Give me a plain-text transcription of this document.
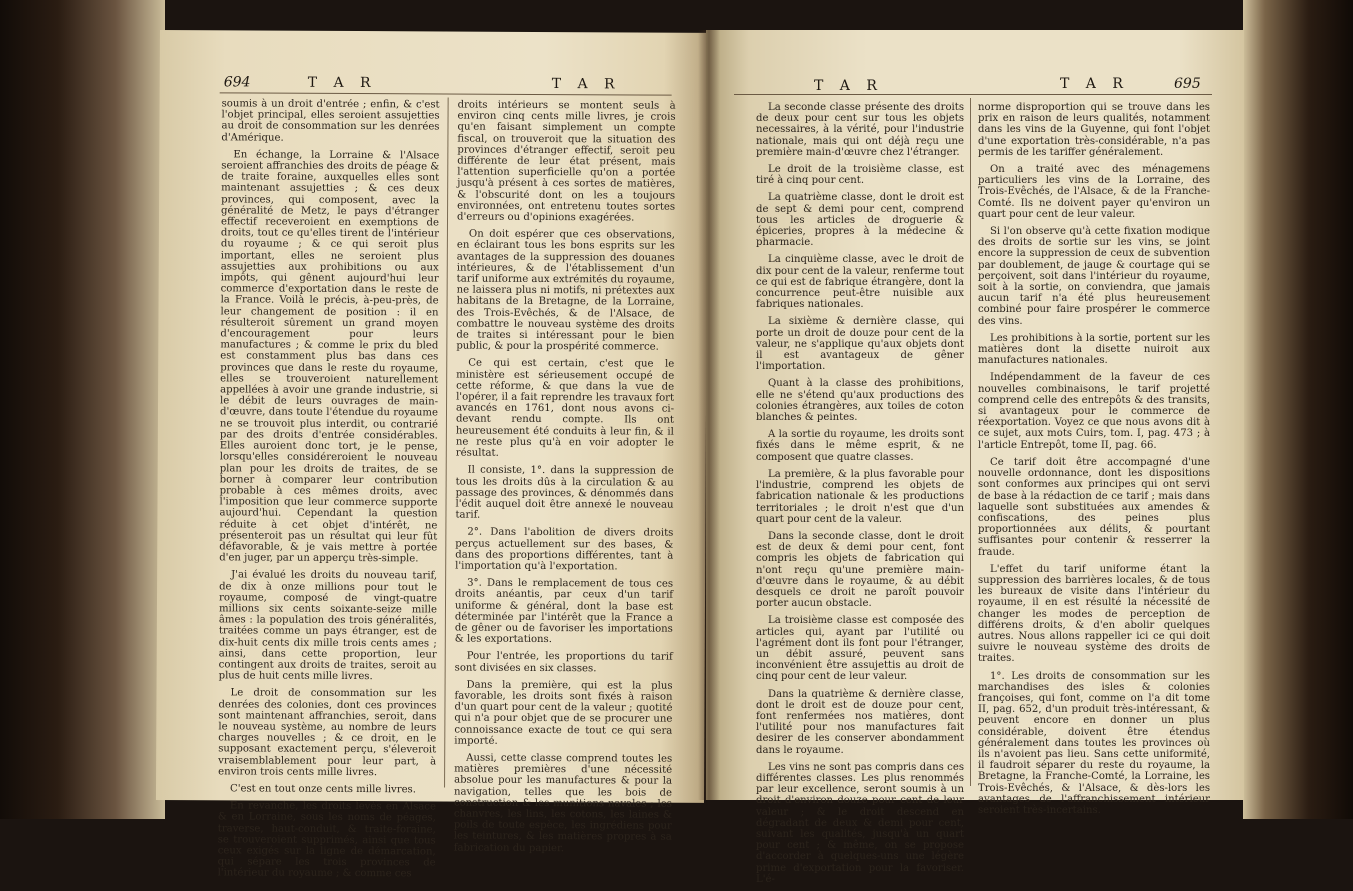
694	T A R	T A R

soumis à un droit d'entrée ; enfin, & c'est l'objet principal, elles seroient assujetties au droit de consommation sur les denrées d'Amérique.

En échange, la Lorraine & l'Alsace seroient affranchies des droits de péage & de traite foraine, auxquelles elles sont maintenant assujetties ; & ces deux provinces, qui composent, avec la généralité de Metz, le pays d'étranger effectif receveroient en exemptions de droits, tout ce qu'elles tirent de l'intérieur du royaume ; & ce qui seroit plus important, elles ne seroient plus assujetties aux prohibitions ou aux impôts, qui gênent aujourd'hui leur commerce d'exportation dans le reste de la France. Voilà le précis, à-peu-près, de leur changement de position : il en résulteroit sûrement un grand moyen d'encouragement pour leurs manufactures ; & comme le prix du bled est constamment plus bas dans ces provinces que dans le reste du royaume, elles se trouveroient naturellement appellées à avoir une grande industrie, si le débit de leurs ouvrages de main-d'œuvre, dans toute l'étendue du royaume ne se trouvoit plus interdit, ou contrarié par des droits d'entrée considérables. Elles auroient donc tort, je le pense, lorsqu'elles considéreroient le nouveau plan pour les droits de traites, de se borner à comparer leur contribution probable à ces mêmes droits, avec l'imposition que leur commerce supporte aujourd'hui. Cependant la question réduite à cet objet d'intérêt, ne présenteroit pas un résultat qui leur fût défavorable, & je vais mettre à portée d'en juger, par un apperçu très-simple.

J'ai évalué les droits du nouveau tarif, de dix à onze millions pour tout le royaume, composé de vingt-quatre millions six cents soixante-seize mille âmes : la population des trois généralités, traitées comme un pays étranger, est de dix-huit cents dix mille trois cents ames ; ainsi, dans cette proportion, leur contingent aux droits de traites, seroit au plus de huit cents mille livres.

Le droit de consommation sur les denrées des colonies, dont ces provinces sont maintenant affranchies, seroit, dans le nouveau système, au nombre de leurs charges nouvelles ; & ce droit, en le supposant exactement perçu, s'éleveroit vraisemblablement pour leur part, à environ trois cents mille livres.

C'est en tout onze cents mille livres.

En revanche, les droits levés en Alsace & en Lorraine, sous les noms de péages, traverse, haut-conduit, & traite-foraine, se trouveroient supprimés, ainsi que tous ceux exigés sur la ligne de démarcation, qui sépare les trois provinces de l'intérieur du royaume ; & comme ces

droits intérieurs se montent seuls à environ cinq cents mille livres, je crois qu'en faisant simplement un compte fiscal, on trouveroit que la situation des provinces d'étranger effectif, seroit peu différente de leur état présent, mais l'attention superficielle qu'on a portée jusqu'à présent à ces sortes de matières, & l'obscurité dont on les a toujours environnées, ont entretenu toutes sortes d'erreurs ou d'opinions exagérées.

On doit espérer que ces observations, en éclairant tous les bons esprits sur les avantages de la suppression des douanes intérieures, & de l'établissement d'un tarif uniforme aux extrémités du royaume, ne laissera plus ni motifs, ni prétextes aux habitans de la Bretagne, de la Lorraine, des Trois-Evêchés, & de l'Alsace, de combattre le nouveau système des droits de traites si intéressant pour le bien public, & pour la prospérité commerce.

Ce qui est certain, c'est que le ministère est sérieusement occupé de cette réforme, & que dans la vue de l'opérer, il a fait reprendre les travaux fort avancés en 1761, dont nous avons ci-devant rendu compte. Ils ont heureusement été conduits à leur fin, & il ne reste plus qu'à en voir adopter le résultat.

Il consiste, 1°. dans la suppression de tous les droits dûs à la circulation & au passage des provinces, & dénommés dans l'édit auquel doit être annexé le nouveau tarif.

2°. Dans l'abolition de divers droits perçus actuellement sur des bases, & dans des proportions différentes, tant à l'importation qu'à l'exportation.

3°. Dans le remplacement de tous ces droits anéantis, par ceux d'un tarif uniforme & général, dont la base est déterminée par l'intérêt que la France a de gêner ou de favoriser les importations & les exportations.

Pour l'entrée, les proportions du tarif sont divisées en six classes.

Dans la première, qui est la plus favorable, les droits sont fixés à raison d'un quart pour cent de la valeur ; quotité qui n'a pour objet que de se procurer une connoissance exacte de tout ce qui sera importé.

Aussi, cette classe comprend toutes les matières premières d'une nécessité absolue pour les manufactures & pour la navigation, telles que les bois de construction & les munitions navales ; les chanvres, les lins, les cotons, les laines & poils de toute espèce, les ingrédiens pour les teintures, & les matières propres à sa fabrication du papier.

T A R	T A R	695

La seconde classe présente des droits de deux pour cent sur tous les objets necessaires, à la vérité, pour l'industrie nationale, mais qui ont déjà reçu une première main-d'œuvre chez l'étranger.

Le droit de la troisième classe, est tiré à cinq pour cent.

La quatrième classe, dont le droit est de sept & demi pour cent, comprend tous les articles de droguerie & épiceries, propres à la médecine & pharmacie.

La cinquième classe, avec le droit de dix pour cent de la valeur, renferme tout ce qui est de fabrique étrangère, dont la concurrence peut-être nuisible aux fabriques nationales.

La sixième & dernière classe, qui porte un droit de douze pour cent de la valeur, ne s'applique qu'aux objets dont il est avantageux de gêner l'importation.

Quant à la classe des prohibitions, elle ne s'étend qu'aux productions des colonies étrangères, aux toiles de coton blanches & peintes.

A la sortie du royaume, les droits sont fixés dans le même esprit, & ne composent que quatre classes.

La première, & la plus favorable pour l'industrie, comprend les objets de fabrication nationale & les productions territoriales ; le droit n'est que d'un quart pour cent de la valeur.

Dans la seconde classe, dont le droit est de deux & demi pour cent, font compris les objets de fabrication qui n'ont reçu qu'une première main-d'œuvre dans le royaume, & au débit desquels ce droit ne paroît pouvoir porter aucun obstacle.

La troisième classe est composée des articles qui, ayant par l'utilité ou l'agrément dont ils font pour l'étranger, un débit assuré, peuvent sans inconvénient être assujettis au droit de cinq pour cent de leur valeur.

Dans la quatrième & dernière classe, dont le droit est de douze pour cent, font renfermées nos matières, dont l'utilité pour nos manufactures fait desirer de les conserver abondamment dans le royaume.

Les vins ne sont pas compris dans ces différentes classes. Les plus renommés par leur excellence, seront soumis à un droit d'environ douze pour cent de leur valeur ; & le droit descend en dégradant de deux & demi pour cent, suivant les qualités, jusqu'à un quart pour cent ; & même, on se propose d'accorder à quelques-uns une légère prime d'exportation pour la favoriser. L'é-

norme disproportion qui se trouve dans les prix en raison de leurs qualités, notamment dans les vins de la Guyenne, qui font l'objet d'une exportation très-considérable, n'a pas permis de les tariffer généralement.

On a traité avec des ménagemens particuliers les vins de la Lorraine, des Trois-Evêchés, de l'Alsace, & de la Franche-Comté. Ils ne doivent payer qu'environ un quart pour cent de leur valeur.

Si l'on observe qu'à cette fixation modique des droits de sortie sur les vins, se joint encore la suppression de ceux de subvention par doublement, de jauge & courtage qui se perçoivent, soit dans l'intérieur du royaume, soit à la sortie, on conviendra, que jamais aucun tarif n'a été plus heureusement combiné pour faire prospérer le commerce des vins.

Les prohibitions à la sortie, portent sur les matières dont la disette nuiroit aux manufactures nationales.

Indépendamment de la faveur de ces nouvelles combinaisons, le tarif projetté comprend celle des entrepôts & des transits, si avantageux pour le commerce de réexportation. Voyez ce que nous avons dit à ce sujet, aux mots Cuirs, tom. I, pag. 473 ; à l'article Entrepôt, tome II, pag. 66.

Ce tarif doit être accompagné d'une nouvelle ordonnance, dont les dispositions sont conformes aux principes qui ont servi de base à la rédaction de ce tarif ; mais dans laquelle sont substituées aux amendes & confiscations, des peines plus proportionnées aux délits, & pourtant suffisantes pour contenir & resserrer la fraude.

L'effet du tarif uniforme étant la suppression des barrières locales, & de tous les bureaux de visite dans l'intérieur du royaume, il en est résulté la nécessité de changer les modes de perception de différens droits, & d'en abolir quelques autres. Nous allons rappeller ici ce qui doit suivre le nouveau système des droits de traites.

1°. Les droits de consommation sur les marchandises des isles & colonies françoises, qui font, comme on l'a dit tome II, pag. 652, d'un produit très-intéressant, & peuvent encore en donner un plus considérable, doivent être étendus généralement dans toutes les provinces où ils n'avoient pas lieu. Sans cette uniformité, il faudroit séparer du reste du royaume, la Bretagne, la Franche-Comté, la Lorraine, les Trois-Evêchés, & l'Alsace, & dès-lors les avantages de l'affranchissement intérieur seroient très-incertains.
